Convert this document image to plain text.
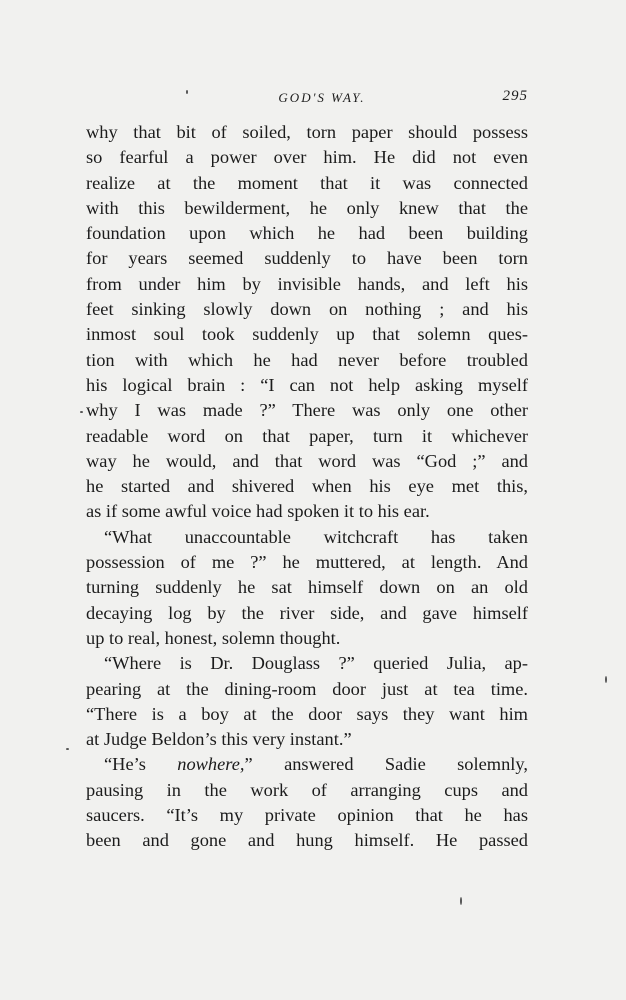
GOD'S WAY.	295
why that bit of soiled, torn paper should possess
so fearful a power over him. He did not even
realize at the moment that it was connected
with this bewilderment, he only knew that the
foundation upon which he had been building
for years seemed suddenly to have been torn
from under him by invisible hands, and left his
feet sinking slowly down on nothing ; and his
inmost soul took suddenly up that solemn ques-
tion with which he had never before troubled
his logical brain : “I can not help asking myself
why I was made ?” There was only one other
readable word on that paper, turn it whichever
way he would, and that word was “God ;” and
he started and shivered when his eye met this,
as if some awful voice had spoken it to his ear.
“What unaccountable witchcraft has taken
possession of me ?” he muttered, at length. And
turning suddenly he sat himself down on an old
decaying log by the river side, and gave himself
up to real, honest, solemn thought.
“Where is Dr. Douglass ?” queried Julia, ap-
pearing at the dining-room door just at tea time.
“There is a boy at the door says they want him
at Judge Beldon’s this very instant.”
“He’s nowhere,” answered Sadie solemnly,
pausing in the work of arranging cups and
saucers. “It’s my private opinion that he has
been and gone and hung himself. He passed
